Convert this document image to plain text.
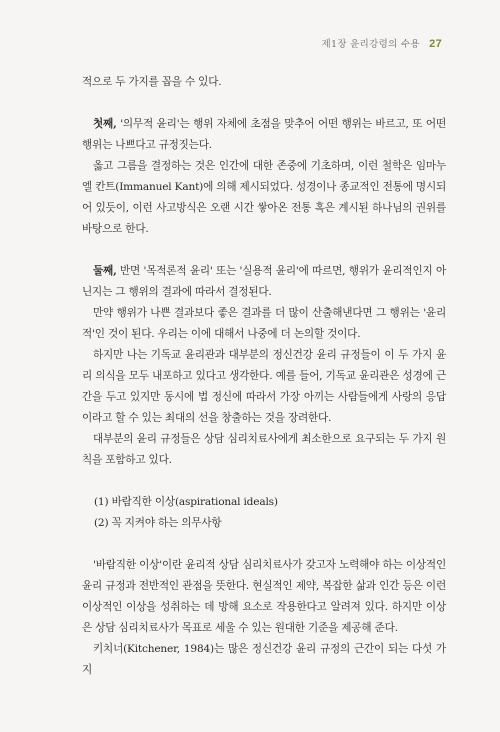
제1장 윤리강령의 수용 27

적으로 두 가지를 꼽을 수 있다.

첫째, '의무적 윤리'는 행위 자체에 초점을 맞추어 어떤 행위는 바르고, 또 어떤 행위는 나쁘다고 규정짓는다.

옳고 그름을 결정하는 것은 인간에 대한 존중에 기초하며, 이런 철학은 임마누엘 칸트(Immanuel Kant)에 의해 제시되었다. 성경이나 종교적인 전통에 명시되어 있듯이, 이런 사고방식은 오랜 시간 쌓아온 전통 혹은 계시된 하나님의 권위를 바탕으로 한다.

둘째, 반면 '목적론적 윤리' 또는 '실용적 윤리'에 따르면, 행위가 윤리적인지 아닌지는 그 행위의 결과에 따라서 결정된다.

만약 행위가 나쁜 결과보다 좋은 결과를 더 많이 산출해낸다면 그 행위는 '윤리적'인 것이 된다. 우리는 이에 대해서 나중에 더 논의할 것이다.

하지만 나는 기독교 윤리관과 대부분의 정신건강 윤리 규정들이 이 두 가지 윤리 의식을 모두 내포하고 있다고 생각한다. 예를 들어, 기독교 윤리관은 성경에 근간을 두고 있지만 동시에 법 정신에 따라서 가장 아끼는 사람들에게 사랑의 응답이라고 할 수 있는 최대의 선을 창출하는 것을 장려한다.

대부분의 윤리 규정들은 상담 심리치료사에게 최소한으로 요구되는 두 가지 원칙을 포함하고 있다.

(1) 바람직한 이상(aspirational ideals)

(2) 꼭 지켜야 하는 의무사항

'바람직한 이상'이란 윤리적 상담 심리치료사가 갖고자 노력해야 하는 이상적인 윤리 규정과 전반적인 관점을 뜻한다. 현실적인 제약, 복잡한 삶과 인간 등은 이런 이상적인 이상을 성취하는 데 방해 요소로 작용한다고 알려져 있다. 하지만 이상은 상담 심리치료사가 목표로 세울 수 있는 원대한 기준을 제공해 준다.

키치너(Kitchener, 1984)는 많은 정신건강 윤리 규정의 근간이 되는 다섯 가지
